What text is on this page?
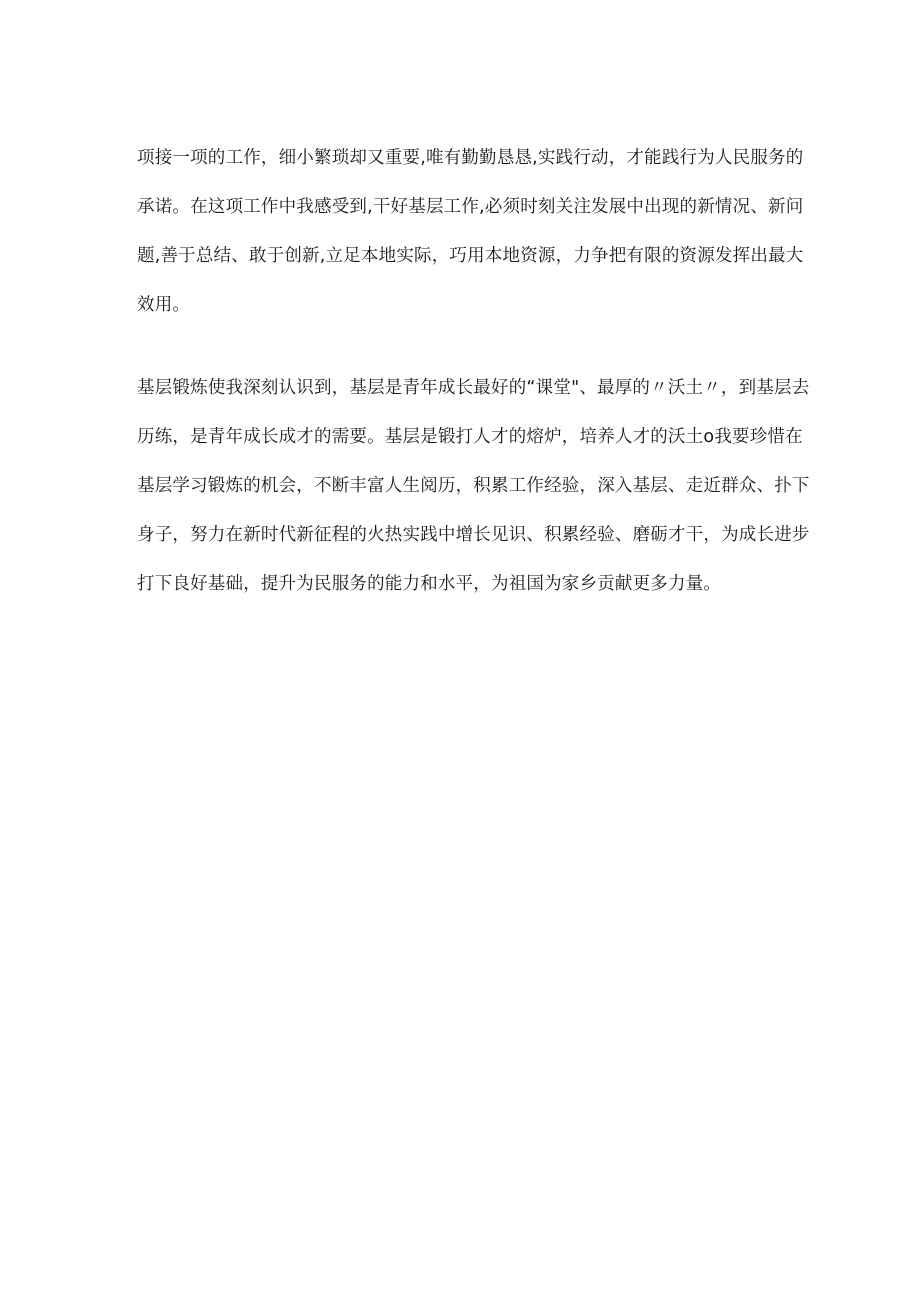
项接一项的工作，细小繁琐却又重要,唯有勤勤恳恳,实践行动，才能践行为人民服务的
承诺。在这项工作中我感受到,干好基层工作,必须时刻关注发展中出现的新情况、新问
题,善于总结、敢于创新,立足本地实际，巧用本地资源，力争把有限的资源发挥出最大
效用。
基层锻炼使我深刻认识到，基层是青年成长最好的“课堂"、最厚的〃沃土〃，到基层去
历练，是青年成长成才的需要。基层是锻打人才的熔炉，培养人才的沃土o我要珍惜在
基层学习锻炼的机会，不断丰富人生阅历，积累工作经验，深入基层、走近群众、扑下
身子，努力在新时代新征程的火热实践中增长见识、积累经验、磨砺才干，为成长进步
打下良好基础，提升为民服务的能力和水平，为祖国为家乡贡献更多力量。
